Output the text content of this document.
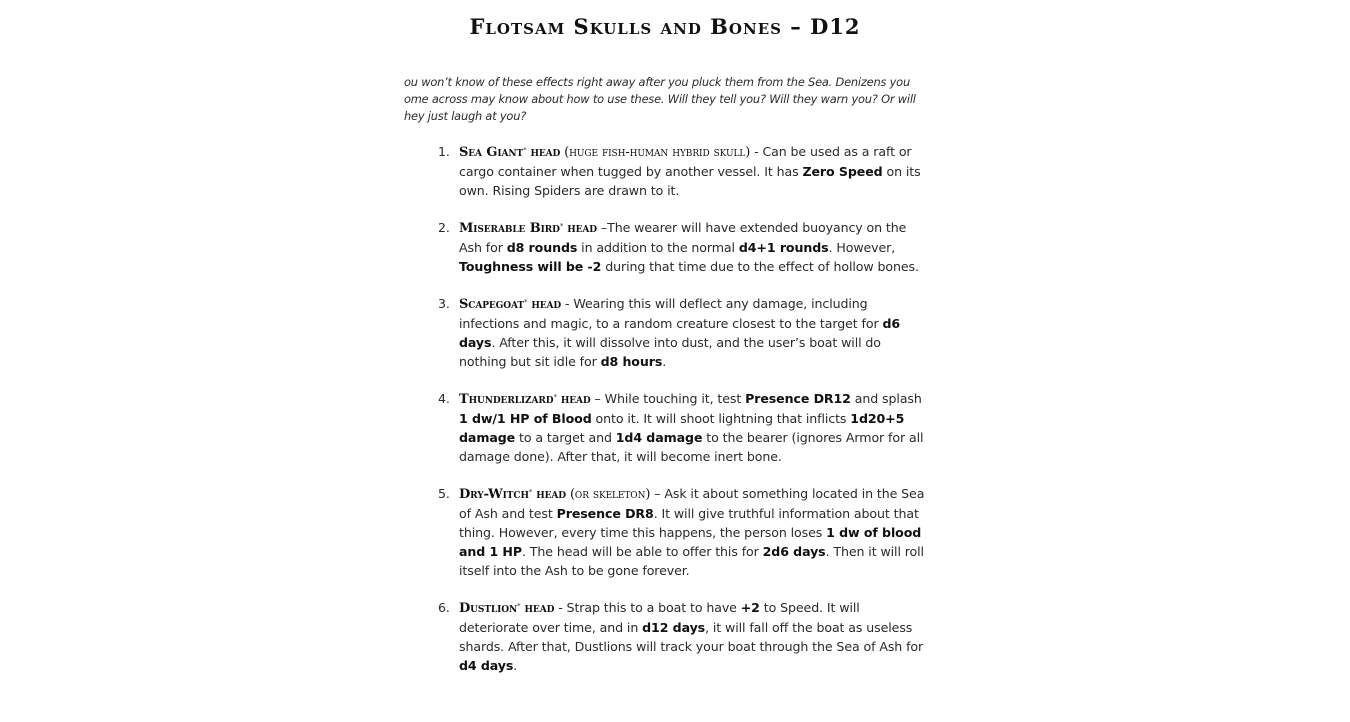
Flotsam Skulls and Bones – D12
ou won’t know of these effects right away after you pluck them from the Sea. Denizens you ome across may know about how to use these. Will they tell you? Will they warn you? Or will hey just laugh at you?
1. Sea Giant* head (huge fish-human hybrid skull) - Can be used as a raft or cargo container when tugged by another vessel. It has Zero Speed on its own. Rising Spiders are drawn to it.
2. Miserable Bird* head –The wearer will have extended buoyancy on the Ash for d8 rounds in addition to the normal d4+1 rounds. However, Toughness will be -2 during that time due to the effect of hollow bones.
3. Scapegoat* head - Wearing this will deflect any damage, including infections and magic, to a random creature closest to the target for d6 days. After this, it will dissolve into dust, and the user’s boat will do nothing but sit idle for d8 hours.
4. Thunderlizard* head – While touching it, test Presence DR12 and splash 1 dw/1 HP of Blood onto it. It will shoot lightning that inflicts 1d20+5 damage to a target and 1d4 damage to the bearer (ignores Armor for all damage done). After that, it will become inert bone.
5. Dry-Witch* head (or skeleton) – Ask it about something located in the Sea of Ash and test Presence DR8. It will give truthful information about that thing. However, every time this happens, the person loses 1 dw of blood and 1 HP. The head will be able to offer this for 2d6 days. Then it will roll itself into the Ash to be gone forever.
6. Dustlion* head - Strap this to a boat to have +2 to Speed. It will deteriorate over time, and in d12 days, it will fall off the boat as useless shards. After that, Dustlions will track your boat through the Sea of Ash for d4 days.
